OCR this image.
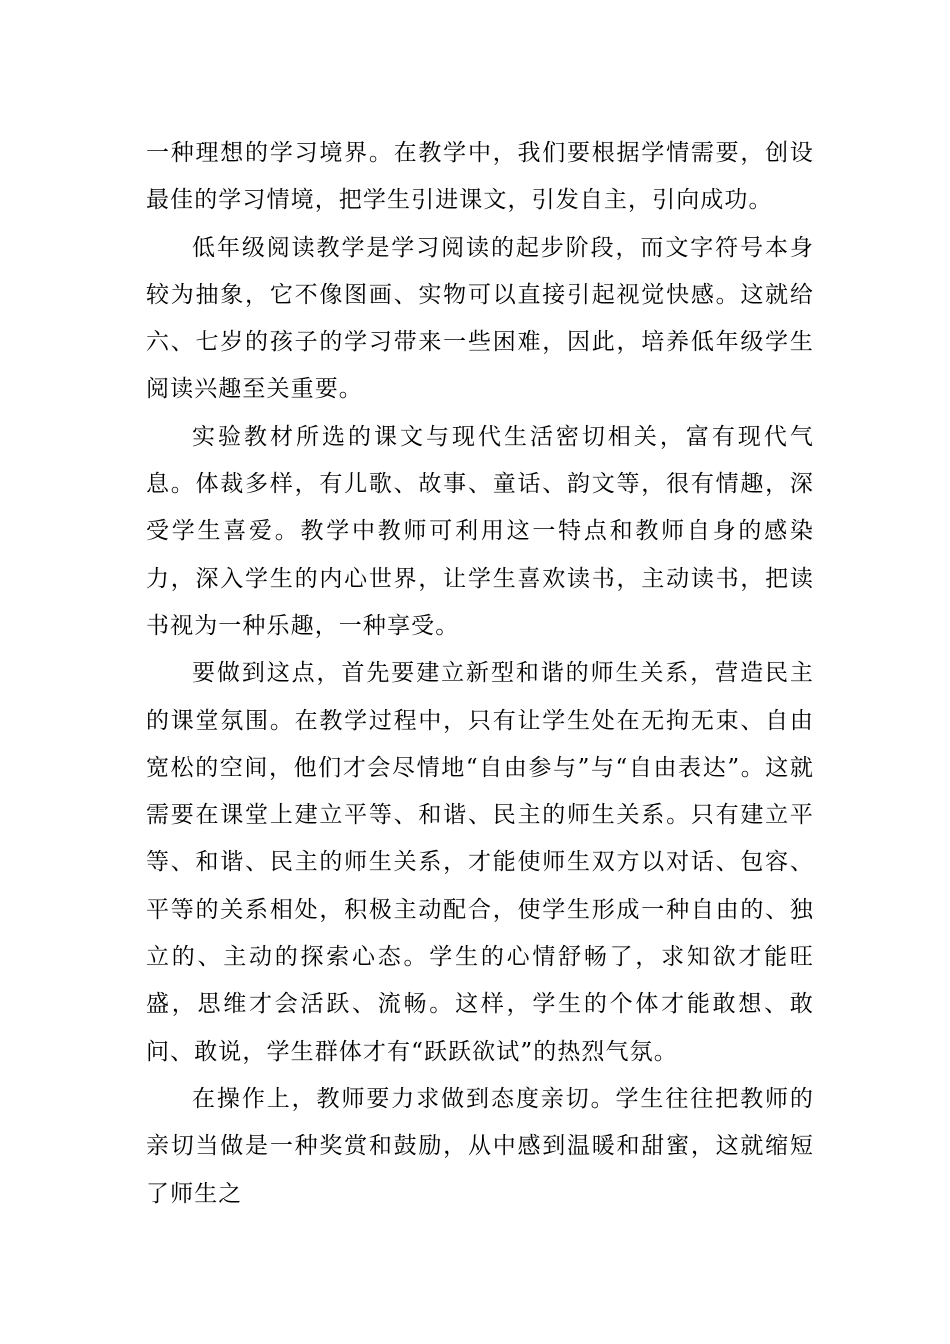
一种理想的学习境界。在教学中，我们要根据学情需要，创设最佳的学习情境，把学生引进课文，引发自主，引向成功。

低年级阅读教学是学习阅读的起步阶段，而文字符号本身较为抽象，它不像图画、实物可以直接引起视觉快感。这就给六、七岁的孩子的学习带来一些困难，因此，培养低年级学生阅读兴趣至关重要。

实验教材所选的课文与现代生活密切相关，富有现代气息。体裁多样，有儿歌、故事、童话、韵文等，很有情趣，深受学生喜爱。教学中教师可利用这一特点和教师自身的感染力，深入学生的内心世界，让学生喜欢读书，主动读书，把读书视为一种乐趣，一种享受。

要做到这点，首先要建立新型和谐的师生关系，营造民主的课堂氛围。在教学过程中，只有让学生处在无拘无束、自由宽松的空间，他们才会尽情地“自由参与”与“自由表达”。这就需要在课堂上建立平等、和谐、民主的师生关系。只有建立平等、和谐、民主的师生关系，才能使师生双方以对话、包容、平等的关系相处，积极主动配合，使学生形成一种自由的、独立的、主动的探索心态。学生的心情舒畅了，求知欲才能旺盛，思维才会活跃、流畅。这样，学生的个体才能敢想、敢问、敢说，学生群体才有“跃跃欲试”的热烈气氛。

在操作上，教师要力求做到态度亲切。学生往往把教师的亲切当做是一种奖赏和鼓励，从中感到温暖和甜蜜，这就缩短了师生之
